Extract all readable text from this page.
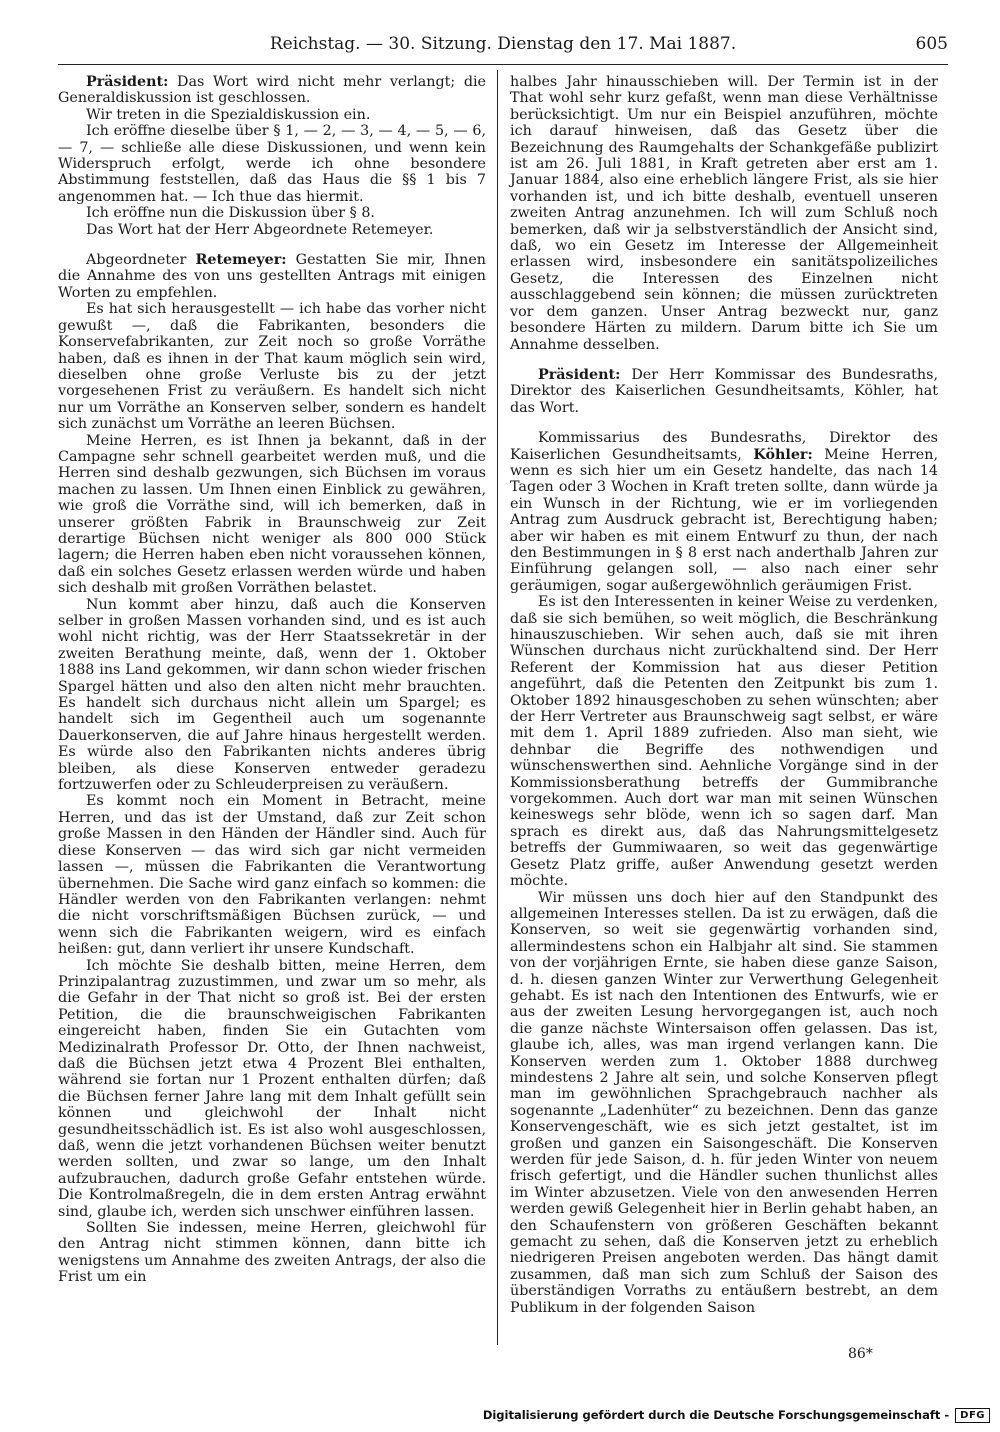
Reichstag. — 30. Sitzung. Dienstag den 17. Mai 1887.	605

Präsident: Das Wort wird nicht mehr verlangt; die Generaldiskussion ist geschlossen.

Wir treten in die Spezialdiskussion ein.

Ich eröffne dieselbe über § 1, — 2, — 3, — 4, — 5, — 6, — 7, — schließe alle diese Diskussionen, und wenn kein Widerspruch erfolgt, werde ich ohne besondere Abstimmung feststellen, daß das Haus die §§ 1 bis 7 angenommen hat. — Ich thue das hiermit.

Ich eröffne nun die Diskussion über § 8.

Das Wort hat der Herr Abgeordnete Retemeyer.

Abgeordneter Retemeyer: Gestatten Sie mir, Ihnen die Annahme des von uns gestellten Antrags mit einigen Worten zu empfehlen.

Es hat sich herausgestellt — ich habe das vorher nicht gewußt —, daß die Fabrikanten, besonders die Konservefabrikanten, zur Zeit noch so große Vorräthe haben, daß es ihnen in der That kaum möglich sein wird, dieselben ohne große Verluste bis zu der jetzt vorgesehenen Frist zu veräußern. Es handelt sich nicht nur um Vorräthe an Konserven selber, sondern es handelt sich zunächst um Vorräthe an leeren Büchsen.

Meine Herren, es ist Ihnen ja bekannt, daß in der Campagne sehr schnell gearbeitet werden muß, und die Herren sind deshalb gezwungen, sich Büchsen im voraus machen zu lassen. Um Ihnen einen Einblick zu gewähren, wie groß die Vorräthe sind, will ich bemerken, daß in unserer größten Fabrik in Braunschweig zur Zeit derartige Büchsen nicht weniger als 800 000 Stück lagern; die Herren haben eben nicht voraussehen können, daß ein solches Gesetz erlassen werden würde und haben sich deshalb mit großen Vorräthen belastet.

Nun kommt aber hinzu, daß auch die Konserven selber in großen Massen vorhanden sind, und es ist auch wohl nicht richtig, was der Herr Staatssekretär in der zweiten Berathung meinte, daß, wenn der 1. Oktober 1888 ins Land gekommen, wir dann schon wieder frischen Spargel hätten und also den alten nicht mehr brauchten. Es handelt sich durchaus nicht allein um Spargel; es handelt sich im Gegentheil auch um sogenannte Dauerkonserven, die auf Jahre hinaus hergestellt werden. Es würde also den Fabrikanten nichts anderes übrig bleiben, als diese Konserven entweder geradezu fortzuwerfen oder zu Schleuderpreisen zu veräußern.

Es kommt noch ein Moment in Betracht, meine Herren, und das ist der Umstand, daß zur Zeit schon große Massen in den Händen der Händler sind. Auch für diese Konserven — das wird sich gar nicht vermeiden lassen —, müssen die Fabrikanten die Verantwortung übernehmen. Die Sache wird ganz einfach so kommen: die Händler werden von den Fabrikanten verlangen: nehmt die nicht vorschriftsmäßigen Büchsen zurück, — und wenn sich die Fabrikanten weigern, wird es einfach heißen: gut, dann verliert ihr unsere Kundschaft.

Ich möchte Sie deshalb bitten, meine Herren, dem Prinzipalantrag zuzustimmen, und zwar um so mehr, als die Gefahr in der That nicht so groß ist. Bei der ersten Petition, die die braunschweigischen Fabrikanten eingereicht haben, finden Sie ein Gutachten vom Medizinalrath Professor Dr. Otto, der Ihnen nachweist, daß die Büchsen jetzt etwa 4 Prozent Blei enthalten, während sie fortan nur 1 Prozent enthalten dürfen; daß die Büchsen ferner Jahre lang mit dem Inhalt gefüllt sein können und gleichwohl der Inhalt nicht gesundheitsschädlich ist. Es ist also wohl ausgeschlossen, daß, wenn die jetzt vorhandenen Büchsen weiter benutzt werden sollten, und zwar so lange, um den Inhalt aufzubrauchen, dadurch große Gefahr entstehen würde. Die Kontrolmaßregeln, die in dem ersten Antrag erwähnt sind, glaube ich, werden sich unschwer einführen lassen.

Sollten Sie indessen, meine Herren, gleichwohl für den Antrag nicht stimmen können, dann bitte ich wenigstens um Annahme des zweiten Antrags, der also die Frist um ein

halbes Jahr hinausschieben will. Der Termin ist in der That wohl sehr kurz gefaßt, wenn man diese Verhältnisse berücksichtigt. Um nur ein Beispiel anzuführen, möchte ich darauf hinweisen, daß das Gesetz über die Bezeichnung des Raumgehalts der Schankgefäße publizirt ist am 26. Juli 1881, in Kraft getreten aber erst am 1. Januar 1884, also eine erheblich längere Frist, als sie hier vorhanden ist, und ich bitte deshalb, eventuell unseren zweiten Antrag anzunehmen. Ich will zum Schluß noch bemerken, daß wir ja selbstverständlich der Ansicht sind, daß, wo ein Gesetz im Interesse der Allgemeinheit erlassen wird, insbesondere ein sanitätspolizeiliches Gesetz, die Interessen des Einzelnen nicht ausschlaggebend sein können; die müssen zurücktreten vor dem ganzen. Unser Antrag bezweckt nur, ganz besondere Härten zu mildern. Darum bitte ich Sie um Annahme desselben.

Präsident: Der Herr Kommissar des Bundesraths, Direktor des Kaiserlichen Gesundheitsamts, Köhler, hat das Wort.

Kommissarius des Bundesraths, Direktor des Kaiserlichen Gesundheitsamts, Köhler: Meine Herren, wenn es sich hier um ein Gesetz handelte, das nach 14 Tagen oder 3 Wochen in Kraft treten sollte, dann würde ja ein Wunsch in der Richtung, wie er im vorliegenden Antrag zum Ausdruck gebracht ist, Berechtigung haben; aber wir haben es mit einem Entwurf zu thun, der nach den Bestimmungen in § 8 erst nach anderthalb Jahren zur Einführung gelangen soll, — also nach einer sehr geräumigen, sogar außergewöhnlich geräumigen Frist.

Es ist den Interessenten in keiner Weise zu verdenken, daß sie sich bemühen, so weit möglich, die Beschränkung hinauszuschieben. Wir sehen auch, daß sie mit ihren Wünschen durchaus nicht zurückhaltend sind. Der Herr Referent der Kommission hat aus dieser Petition angeführt, daß die Petenten den Zeitpunkt bis zum 1. Oktober 1892 hinausgeschoben zu sehen wünschten; aber der Herr Vertreter aus Braunschweig sagt selbst, er wäre mit dem 1. April 1889 zufrieden. Also man sieht, wie dehnbar die Begriffe des nothwendigen und wünschenswerthen sind. Aehnliche Vorgänge sind in der Kommissionsberathung betreffs der Gummibranche vorgekommen. Auch dort war man mit seinen Wünschen keineswegs sehr blöde, wenn ich so sagen darf. Man sprach es direkt aus, daß das Nahrungsmittelgesetz betreffs der Gummiwaaren, so weit das gegenwärtige Gesetz Platz griffe, außer Anwendung gesetzt werden möchte.

Wir müssen uns doch hier auf den Standpunkt des allgemeinen Interesses stellen. Da ist zu erwägen, daß die Konserven, so weit sie gegenwärtig vorhanden sind, allermindestens schon ein Halbjahr alt sind. Sie stammen von der vorjährigen Ernte, sie haben diese ganze Saison, d. h. diesen ganzen Winter zur Verwerthung Gelegenheit gehabt. Es ist nach den Intentionen des Entwurfs, wie er aus der zweiten Lesung hervorgegangen ist, auch noch die ganze nächste Wintersaison offen gelassen. Das ist, glaube ich, alles, was man irgend verlangen kann. Die Konserven werden zum 1. Oktober 1888 durchweg mindestens 2 Jahre alt sein, und solche Konserven pflegt man im gewöhnlichen Sprachgebrauch nachher als sogenannte „Ladenhüter“ zu bezeichnen. Denn das ganze Konservengeschäft, wie es sich jetzt gestaltet, ist im großen und ganzen ein Saisongeschäft. Die Konserven werden für jede Saison, d. h. für jeden Winter von neuem frisch gefertigt, und die Händler suchen thunlichst alles im Winter abzusetzen. Viele von den anwesenden Herren werden gewiß Gelegenheit hier in Berlin gehabt haben, an den Schaufenstern von größeren Geschäften bekannt gemacht zu sehen, daß die Konserven jetzt zu erheblich niedrigeren Preisen angeboten werden. Das hängt damit zusammen, daß man sich zum Schluß der Saison des überständigen Vorraths zu entäußern bestrebt, an dem Publikum in der folgenden Saison

86*
Digitalisierung gefördert durch die Deutsche Forschungsgemeinschaft -	DFG
